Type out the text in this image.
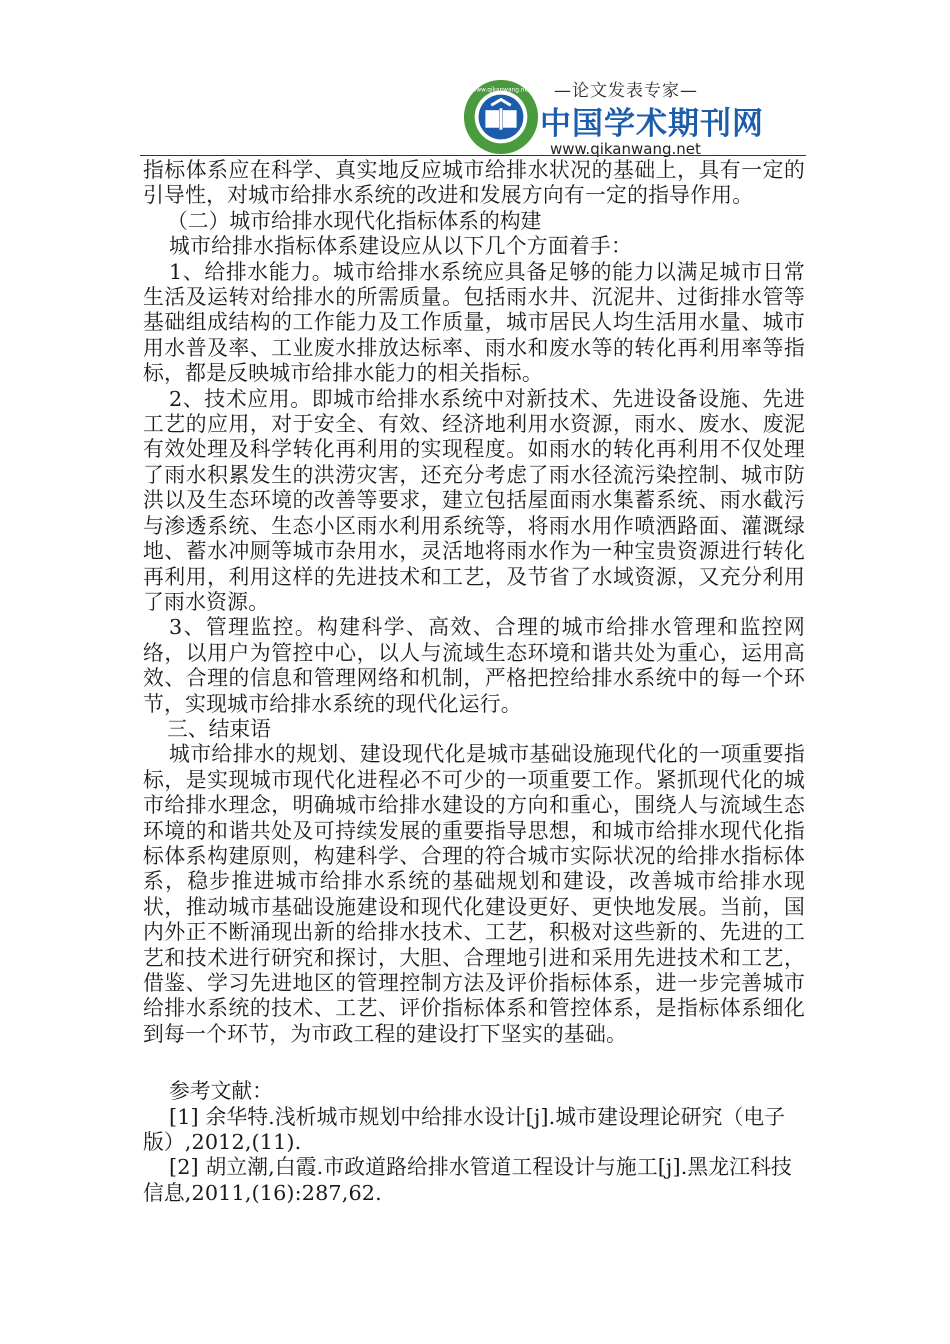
www.qikanwang.net —论文发表专家—
中国学术期刊网
www.qikanwang.net

指标体系应在科学、真实地反应城市给排水状况的基础上，具有一定的引导性，对城市给排水系统的改进和发展方向有一定的指导作用。

（二）城市给排水现代化指标体系的构建

城市给排水指标体系建设应从以下几个方面着手：

1、给排水能力。城市给排水系统应具备足够的能力以满足城市日常生活及运转对给排水的所需质量。包括雨水井、沉泥井、过街排水管等基础组成结构的工作能力及工作质量，城市居民人均生活用水量、城市用水普及率、工业废水排放达标率、雨水和废水等的转化再利用率等指标，都是反映城市给排水能力的相关指标。

2、技术应用。即城市给排水系统中对新技术、先进设备设施、先进工艺的应用，对于安全、有效、经济地利用水资源，雨水、废水、废泥有效处理及科学转化再利用的实现程度。如雨水的转化再利用不仅处理了雨水积累发生的洪涝灾害，还充分考虑了雨水径流污染控制、城市防洪以及生态环境的改善等要求，建立包括屋面雨水集蓄系统、雨水截污与渗透系统、生态小区雨水利用系统等，将雨水用作喷洒路面、灌溉绿地、蓄水冲厕等城市杂用水，灵活地将雨水作为一种宝贵资源进行转化再利用，利用这样的先进技术和工艺，及节省了水域资源，又充分利用了雨水资源。

3、管理监控。构建科学、高效、合理的城市给排水管理和监控网络，以用户为管控中心，以人与流域生态环境和谐共处为重心，运用高效、合理的信息和管理网络和机制，严格把控给排水系统中的每一个环节，实现城市给排水系统的现代化运行。

三、结束语

城市给排水的规划、建设现代化是城市基础设施现代化的一项重要指标，是实现城市现代化进程必不可少的一项重要工作。紧抓现代化的城市给排水理念，明确城市给排水建设的方向和重心，围绕人与流域生态环境的和谐共处及可持续发展的重要指导思想，和城市给排水现代化指标体系构建原则，构建科学、合理的符合城市实际状况的给排水指标体系，稳步推进城市给排水系统的基础规划和建设，改善城市给排水现状，推动城市基础设施建设和现代化建设更好、更快地发展。当前，国内外正不断涌现出新的给排水技术、工艺，积极对这些新的、先进的工艺和技术进行研究和探讨，大胆、合理地引进和采用先进技术和工艺，借鉴、学习先进地区的管理控制方法及评价指标体系，进一步完善城市给排水系统的技术、工艺、评价指标体系和管控体系，是指标体系细化到每一个环节，为市政工程的建设打下坚实的基础。

参考文献：

[1] 余华特.浅析城市规划中给排水设计[j].城市建设理论研究（电子版）,2012,(11).

[2] 胡立潮,白霞.市政道路给排水管道工程设计与施工[j].黑龙江科技信息,2011,(16):287,62.
